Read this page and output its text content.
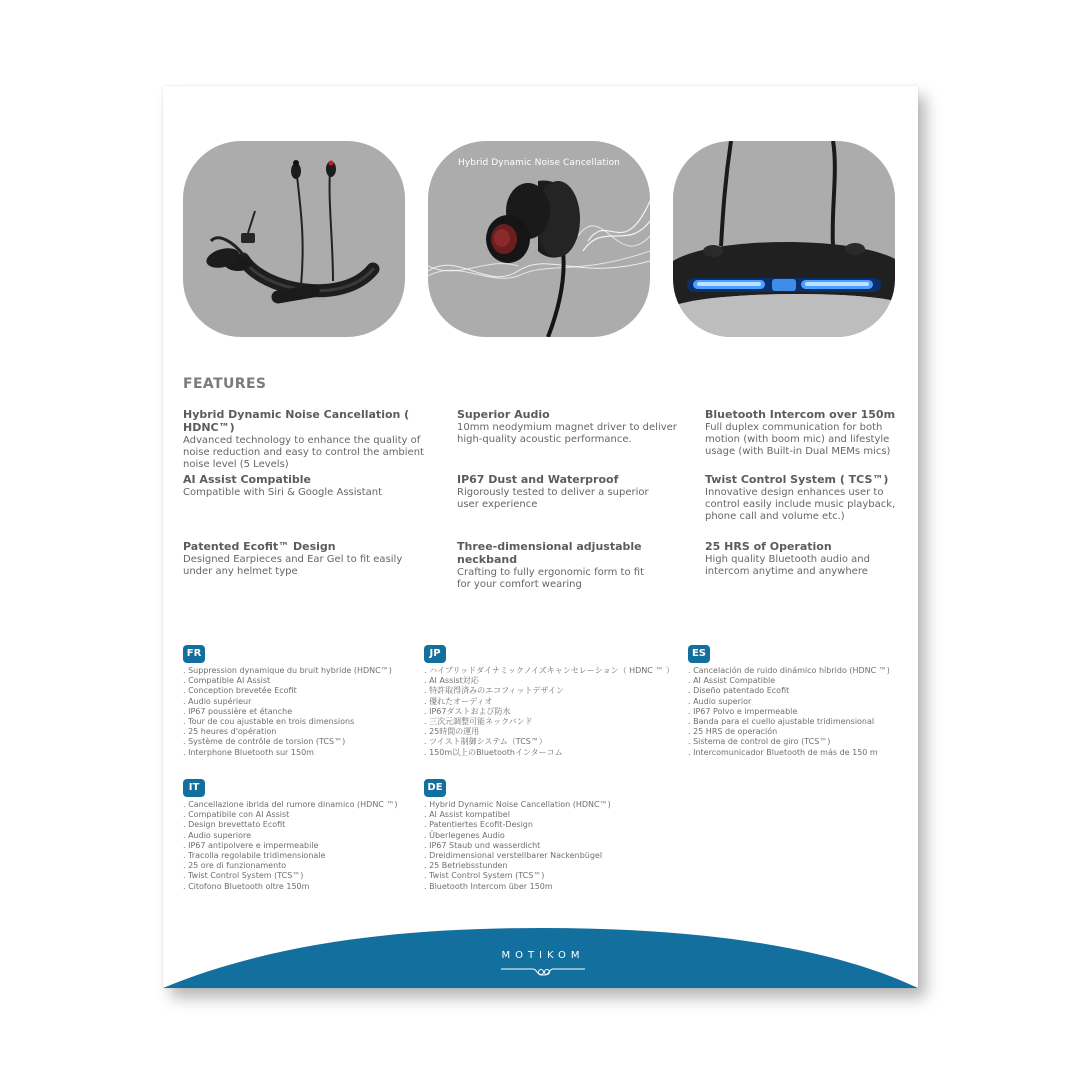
Hybrid Dynamic Noise Cancellation
FEATURES
Hybrid Dynamic Noise Cancellation ( HDNC™)
Advanced technology to enhance the quality of noise reduction and easy to control the ambient noise level (5 Levels)
Superior Audio
10mm neodymium magnet driver to deliver high-quality acoustic performance.
Bluetooth Intercom over 150m
Full duplex communication for both motion (with boom mic) and lifestyle usage (with Built-in Dual MEMs mics)
AI Assist Compatible
Compatible with Siri & Google Assistant
IP67 Dust and Waterproof
Rigorously tested to deliver a superior user experience
Twist Control System ( TCS™)
Innovative design enhances user to control easily include music playback, phone call and volume etc.)
Patented Ecofit™ Design
Designed Earpieces and Ear Gel to fit easily under any helmet type
Three-dimensional adjustable neckband
Crafting to fully ergonomic form to fit for your comfort wearing
25 HRS of Operation
High quality Bluetooth audio and intercom anytime and anywhere
FR
. Suppression dynamique du bruit hybride (HDNC™)
. Compatible AI Assist
. Conception brevetée Ecofit
. Audio supérieur
. IP67 poussière et étanche
. Tour de cou ajustable en trois dimensions
. 25 heures d'opération
. Système de contrôle de torsion (TCS™)
. Interphone Bluetooth sur 150m
JP
. ハイブリッドダイナミックノイズキャンセレーション（ HDNC ™ ）
. AI Assist対応
. 特許取得済みのエコフィットデザイン
. 優れたオーディオ
. IP67ダストおよび防水
. 三次元調整可能ネックバンド
. 25時間の運用
. ツイスト制御システム（TCS™）
. 150m以上のBluetoothインターコム
ES
. Cancelación de ruido dinámico híbrido (HDNC ™)
. AI Assist Compatible
. Diseño patentado Ecofit
. Audio superior
. IP67 Polvo e impermeable
. Banda para el cuello ajustable tridimensional
. 25 HRS de operación
. Sistema de control de giro (TCS™)
. Intercomunicador Bluetooth de más de 150 m
IT
. Cancellazione ibrida del rumore dinamico (HDNC ™)
. Compatibile con AI Assist
. Design brevettato Ecofit
. Audio superiore
. IP67 antipolvere e impermeabile
. Tracolla regolabile tridimensionale
. 25 ore di funzionamento
. Twist Control System (TCS™)
. Citofono Bluetooth oltre 150m
DE
. Hybrid Dynamic Noise Cancellation (HDNC™)
. AI Assist kompatibel
. Patentiertes Ecofit-Design
. Überlegenes Audio
. IP67 Staub und wasserdicht
. Dreidimensional verstellbarer Nackenbügel
. 25 Betriebsstunden
. Twist Control System (TCS™)
. Bluetooth Intercom über 150m
MOTIKOM
